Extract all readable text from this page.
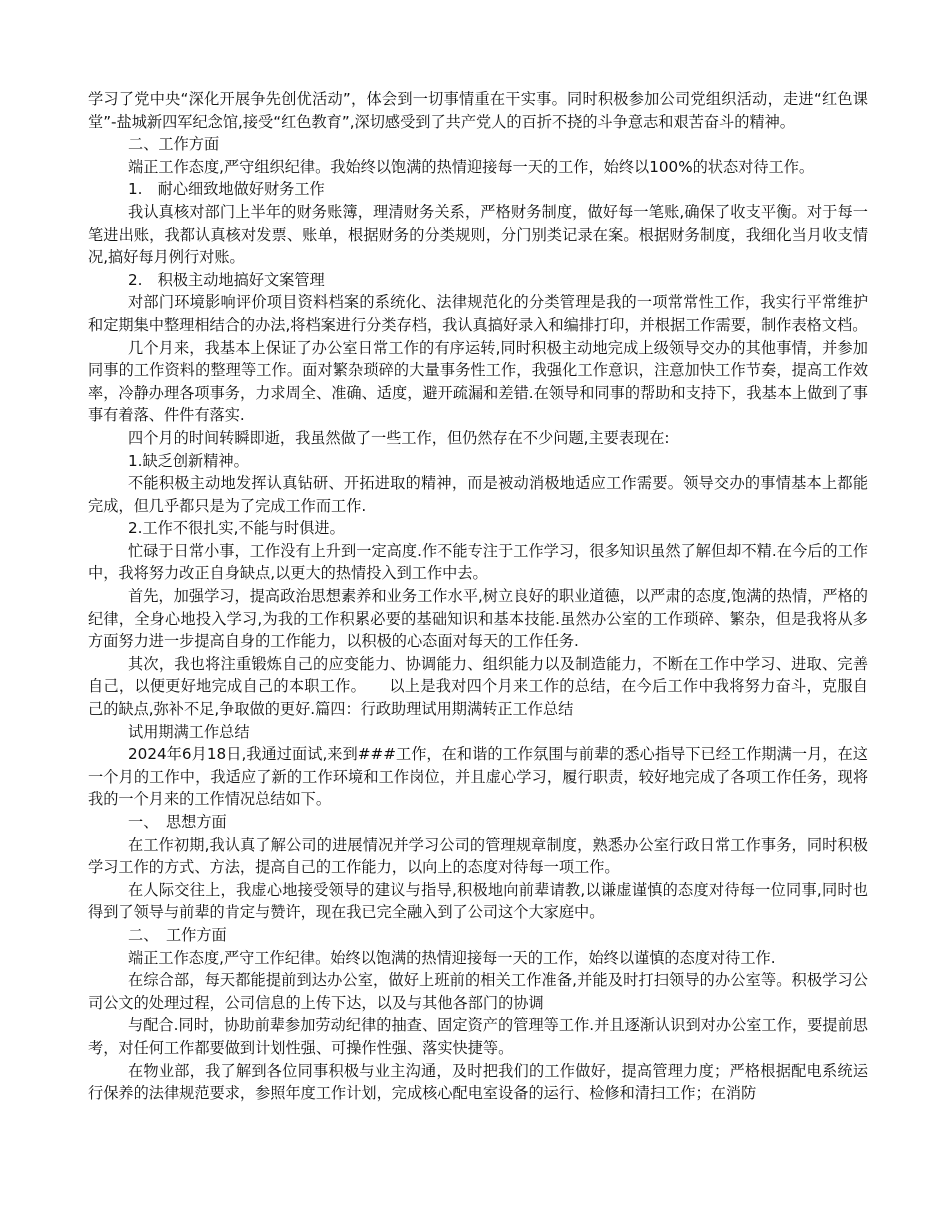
学习了党中央“深化开展争先创优活动”，体会到一切事情重在干实事。同时积极参加公司党组织活动，走进“红色课堂”-盐城新四军纪念馆,接受“红色教育”,深切感受到了共产党人的百折不挠的斗争意志和艰苦奋斗的精神。

二、工作方面

端正工作态度,严守组织纪律。我始终以饱满的热情迎接每一天的工作，始终以100%的状态对待工作。

1.　耐心细致地做好财务工作

我认真核对部门上半年的财务账簿，理清财务关系，严格财务制度，做好每一笔账,确保了收支平衡。对于每一笔进出账，我都认真核对发票、账单，根据财务的分类规则，分门别类记录在案。根据财务制度，我细化当月收支情况,搞好每月例行对账。

2.　积极主动地搞好文案管理

对部门环境影响评价项目资料档案的系统化、法律规范化的分类管理是我的一项常常性工作，我实行平常维护和定期集中整理相结合的办法,将档案进行分类存档，我认真搞好录入和编排打印，并根据工作需要，制作表格文档。

几个月来，我基本上保证了办公室日常工作的有序运转,同时积极主动地完成上级领导交办的其他事情，并参加同事的工作资料的整理等工作。面对繁杂琐碎的大量事务性工作，我强化工作意识，注意加快工作节奏，提高工作效率，冷静办理各项事务，力求周全、准确、适度，避开疏漏和差错.在领导和同事的帮助和支持下，我基本上做到了事事有着落、件件有落实.

四个月的时间转瞬即逝，我虽然做了一些工作，但仍然存在不少问题,主要表现在:

1.缺乏创新精神。

不能积极主动地发挥认真钻研、开拓进取的精神，而是被动消极地适应工作需要。领导交办的事情基本上都能完成，但几乎都只是为了完成工作而工作.

2.工作不很扎实,不能与时俱进。

忙碌于日常小事，工作没有上升到一定高度.作不能专注于工作学习，很多知识虽然了解但却不精.在今后的工作中，我将努力改正自身缺点,以更大的热情投入到工作中去。

首先，加强学习，提高政治思想素养和业务工作水平,树立良好的职业道德，以严肃的态度,饱满的热情，严格的纪律，全身心地投入学习,为我的工作积累必要的基础知识和基本技能.虽然办公室的工作琐碎、繁杂，但是我将从多方面努力进一步提高自身的工作能力，以积极的心态面对每天的工作任务.

其次，我也将注重锻炼自己的应变能力、协调能力、组织能力以及制造能力，不断在工作中学习、进取、完善自己，以便更好地完成自己的本职工作。　　以上是我对四个月来工作的总结，在今后工作中我将努力奋斗，克服自己的缺点,弥补不足,争取做的更好.篇四：行政助理试用期满转正工作总结

试用期满工作总结

2024年6月18日,我通过面试,来到###工作，在和谐的工作氛围与前辈的悉心指导下已经工作期满一月，在这一个月的工作中，我适应了新的工作环境和工作岗位，并且虚心学习，履行职责，较好地完成了各项工作任务，现将我的一个月来的工作情况总结如下。

一、　思想方面

在工作初期,我认真了解公司的进展情况并学习公司的管理规章制度，熟悉办公室行政日常工作事务，同时积极学习工作的方式、方法，提高自己的工作能力，以向上的态度对待每一项工作。

在人际交往上，我虚心地接受领导的建议与指导,积极地向前辈请教,以谦虚谨慎的态度对待每一位同事,同时也得到了领导与前辈的肯定与赞许，现在我已完全融入到了公司这个大家庭中。

二、　工作方面

端正工作态度,严守工作纪律。始终以饱满的热情迎接每一天的工作，始终以谨慎的态度对待工作.

在综合部，每天都能提前到达办公室，做好上班前的相关工作准备,并能及时打扫领导的办公室等。积极学习公司公文的处理过程，公司信息的上传下达，以及与其他各部门的协调

与配合.同时，协助前辈参加劳动纪律的抽查、固定资产的管理等工作.并且逐渐认识到对办公室工作，要提前思考，对任何工作都要做到计划性强、可操作性强、落实快捷等。

在物业部，我了解到各位同事积极与业主沟通，及时把我们的工作做好，提高管理力度；严格根据配电系统运行保养的法律规范要求，参照年度工作计划，完成核心配电室设备的运行、检修和清扫工作；在消防
